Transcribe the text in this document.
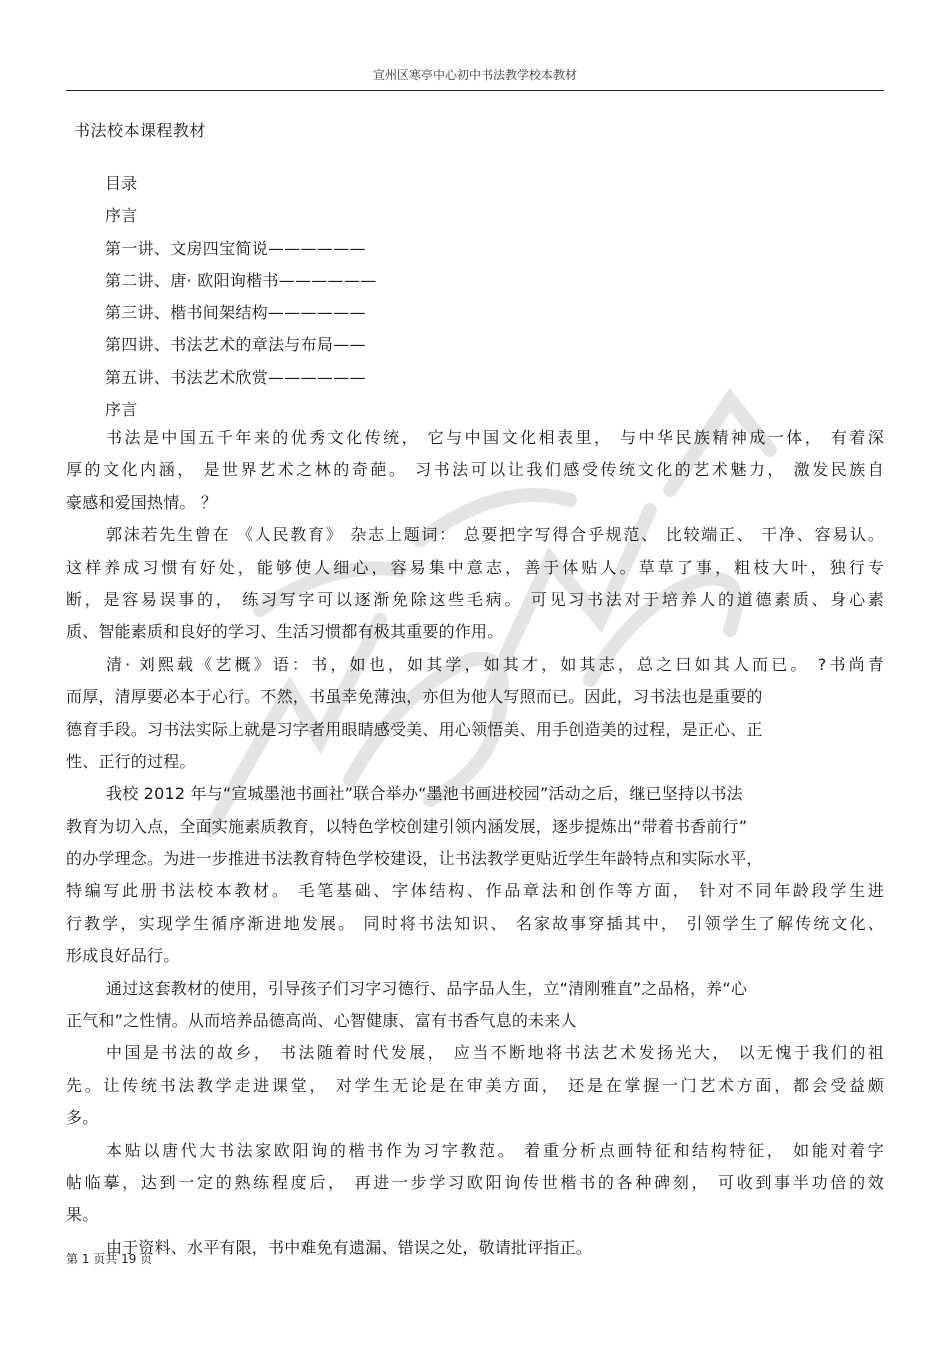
宣州区寒亭中心初中书法教学校本教材
书法校本课程教材
目录
序言
第一讲、文房四宝简说——————
第二讲、唐· 欧阳询楷书——————
第三讲、楷书间架结构——————
第四讲、书法艺术的章法与布局——
第五讲、书法艺术欣赏——————
序言
书法是中国五千年来的优秀文化传统， 它与中国文化相表里， 与中华民族精神成一体， 有着深
厚的文化内涵， 是世界艺术之林的奇葩。 习书法可以让我们感受传统文化的艺术魅力， 激发民族自
豪感和爱国热情。 ？
郭沫若先生曾在 《人民教育》 杂志上题词： 总要把字写得合乎规范、 比较端正、 干净、容易认。
这样养成习惯有好处，能够使人细心，容易集中意志，善于体贴人。草草了事，粗枝大叶，独行专
断，是容易误事的， 练习写字可以逐渐免除这些毛病。 可见习书法对于培养人的道德素质、身心素
质、智能素质和良好的学习、生活习惯都有极其重要的作用。
清· 刘熙载《艺概》语：书，如也，如其学，如其才，如其志，总之曰如其人而已。 ?书尚青
而厚，清厚要必本于心行。不然，书虽幸免薄浊，亦但为他人写照而已。因此，习书法也是重要的
德育手段。习书法实际上就是习字者用眼睛感受美、用心领悟美、用手创造美的过程，是正心、正
性、正行的过程。
我校 2012 年与“宣城墨池书画社”联合举办“墨池书画进校园”活动之后，继已坚持以书法
教育为切入点，全面实施素质教育，以特色学校创建引领内涵发展，逐步提炼出“带着书香前行”
的办学理念。为进一步推进书法教育特色学校建设，让书法教学更贴近学生年龄特点和实际水平，
特编写此册书法校本教材。 毛笔基础、字体结构、作品章法和创作等方面， 针对不同年龄段学生进
行教学，实现学生循序渐进地发展。 同时将书法知识、 名家故事穿插其中， 引领学生了解传统文化、
形成良好品行。
通过这套教材的使用，引导孩子们习字习德行、品字品人生，立“清刚雅直”之品格，养“心
正气和”之性情。从而培养品德高尚、心智健康、富有书香气息的未来人
中国是书法的故乡， 书法随着时代发展， 应当不断地将书法艺术发扬光大， 以无愧于我们的祖
先。让传统书法教学走进课堂， 对学生无论是在审美方面， 还是在掌握一门艺术方面，都会受益颇
多。
本贴以唐代大书法家欧阳询的楷书作为习字教范。 着重分析点画特征和结构特征， 如能对着字
帖临摹，达到一定的熟练程度后， 再进一步学习欧阳询传世楷书的各种碑刻， 可收到事半功倍的效
果。
由于资料、水平有限，书中难免有遗漏、错误之处，敬请批评指正。
第 1 页共 19 页
